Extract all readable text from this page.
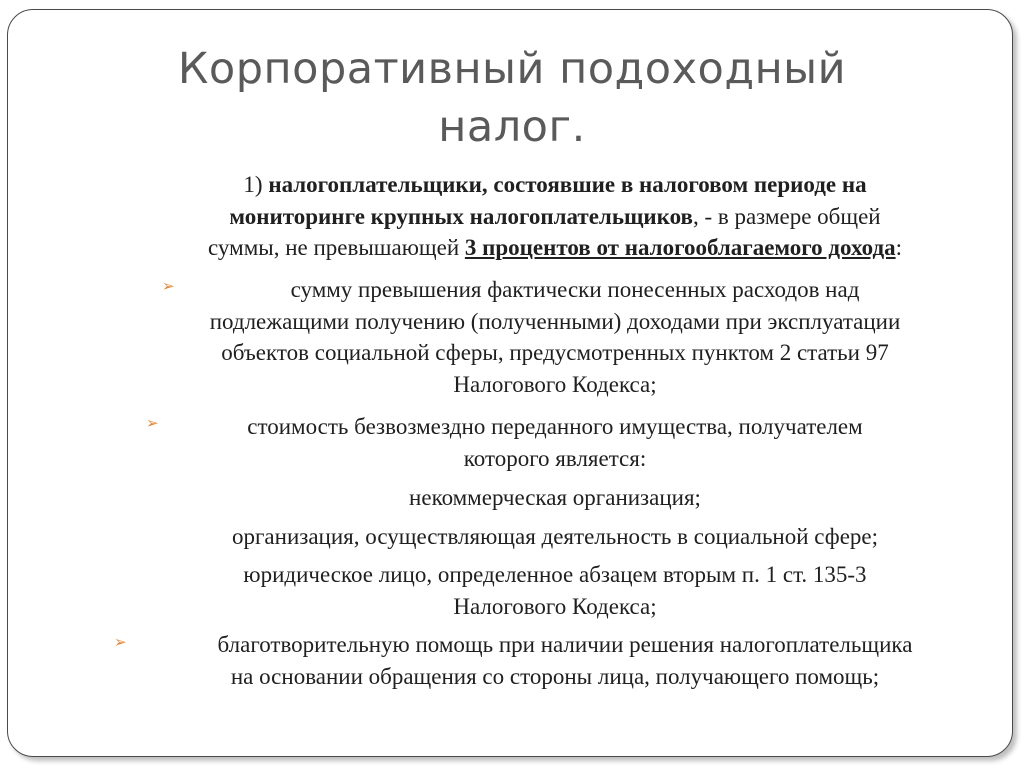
Корпоративный подоходный
налог.

1) налогоплательщики, состоявшие в налоговом периоде на
мониторинге крупных налогоплательщиков, - в размере общей
суммы, не превышающей 3 процентов от налогооблагаемого дохода:

➢	сумму превышения фактически понесенных расходов над
подлежащими получению (полученными) доходами при эксплуатации
объектов социальной сферы, предусмотренных пунктом 2 статьи 97
Налогового Кодекса;

➢	стоимость безвозмездно переданного имущества, получателем
которого является:

некоммерческая организация;

организация, осуществляющая деятельность в социальной сфере;

юридическое лицо, определенное абзацем вторым п. 1 ст. 135-3
Налогового Кодекса;

➢	благотворительную помощь при наличии решения налогоплательщика
на основании обращения со стороны лица, получающего помощь;
